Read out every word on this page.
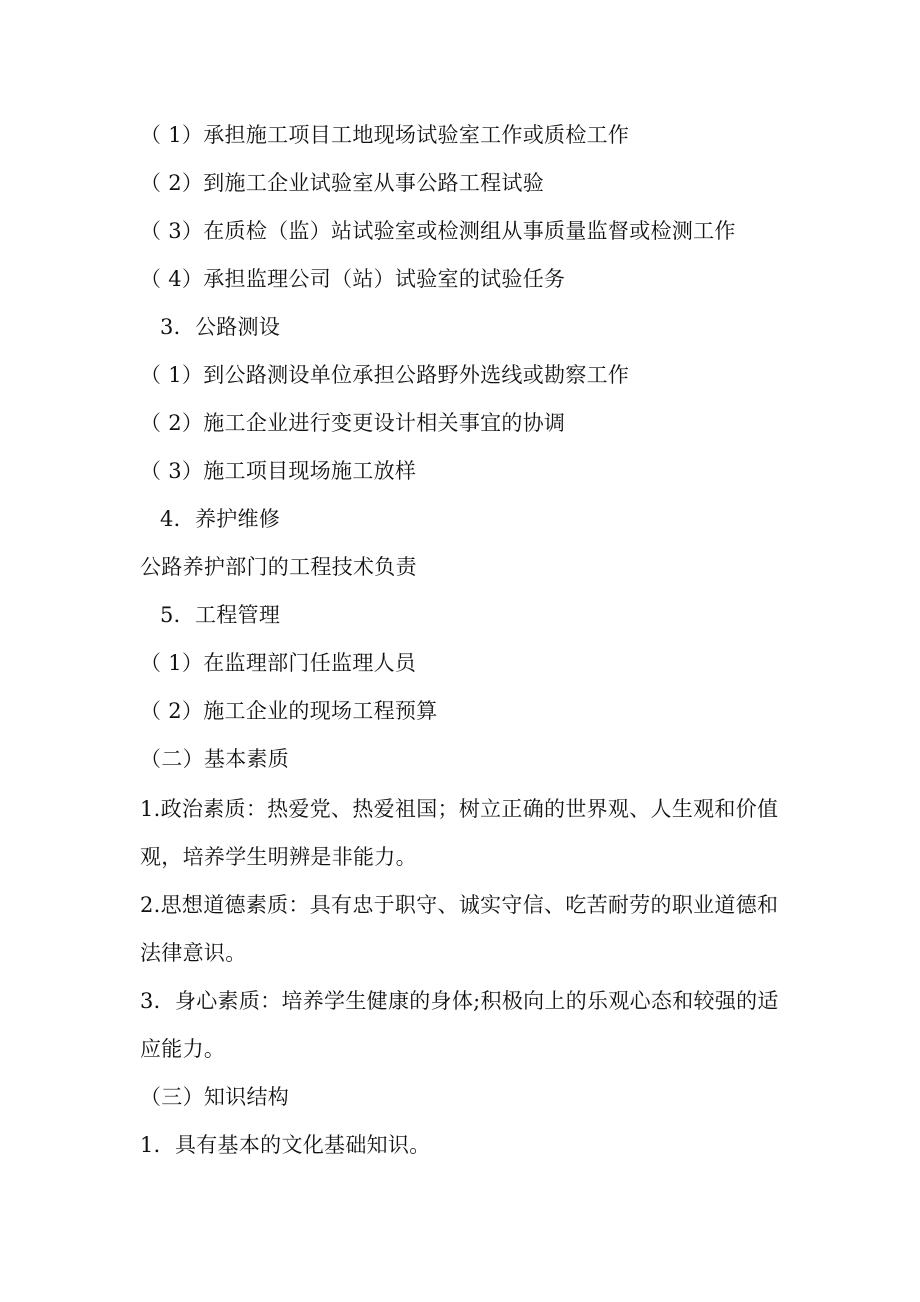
（ 1）承担施工项目工地现场试验室工作或质检工作
（ 2）到施工企业试验室从事公路工程试验
（ 3）在质检（监）站试验室或检测组从事质量监督或检测工作
（ 4）承担监理公司（站）试验室的试验任务
3．公路测设
（ 1）到公路测设单位承担公路野外选线或勘察工作
（ 2）施工企业进行变更设计相关事宜的协调
（ 3）施工项目现场施工放样
4．养护维修
公路养护部门的工程技术负责
5．工程管理
（ 1）在监理部门任监理人员
（ 2）施工企业的现场工程预算
（二）基本素质
1.政治素质：热爱党、热爱祖国；树立正确的世界观、人生观和价值
观，培养学生明辨是非能力。
2.思想道德素质：具有忠于职守、诚实守信、吃苦耐劳的职业道德和
法律意识。
3．身心素质：培养学生健康的身体;积极向上的乐观心态和较强的适
应能力。
（三）知识结构
1．具有基本的文化基础知识。
